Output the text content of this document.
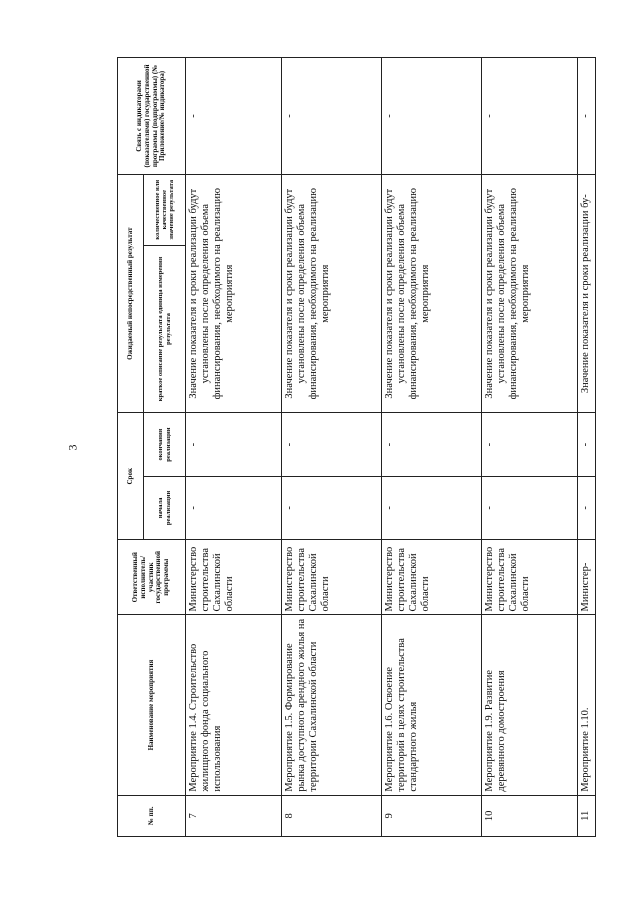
3
№ пп.	Наименование мероприятия	Ответственный исполнитель/участник государственной программы	Срок		Ожидаемый непосредственный результат		Связь с индикаторами (показателями) государственной программы (подпрограммы) (№ Приложение/№ индикатора)
			начала реализации	окончания реализации	краткое описание результата единица измерения результата	количественное или качественное значение результата	
7	Мероприятие 1.4. Строительство жилищного фонда социального использования	Министерство строительства Сахалинской области	-	-	Значение показателя и сроки реализации будут установлены после определения объема финансирования, необходимого на реализацию мероприятия		-
8	Мероприятие 1.5. Формирование рынка доступного арендного жилья на территории Сахалинской области	Министерство строительства Сахалинской области	-	-	Значение показателя и сроки реализации будут установлены после определения объема финансирования, необходимого на реализацию мероприятия		-
9	Мероприятие 1.6. Освоение территорий в целях строительства стандартного жилья	Министерство строительства Сахалинской области	-	-	Значение показателя и сроки реализации будут установлены после определения объема финансирования, необходимого на реализацию мероприятия		-
10	Мероприятие 1.9. Развитие деревянного домостроения	Министерство строительства Сахалинской области	-	-	Значение показателя и сроки реализации будут установлены после определения объема финансирования, необходимого на реализацию мероприятия		-
11	Мероприятие 1.10.	Министер-	-	-	Значение показателя и сроки реализации бу-		-
